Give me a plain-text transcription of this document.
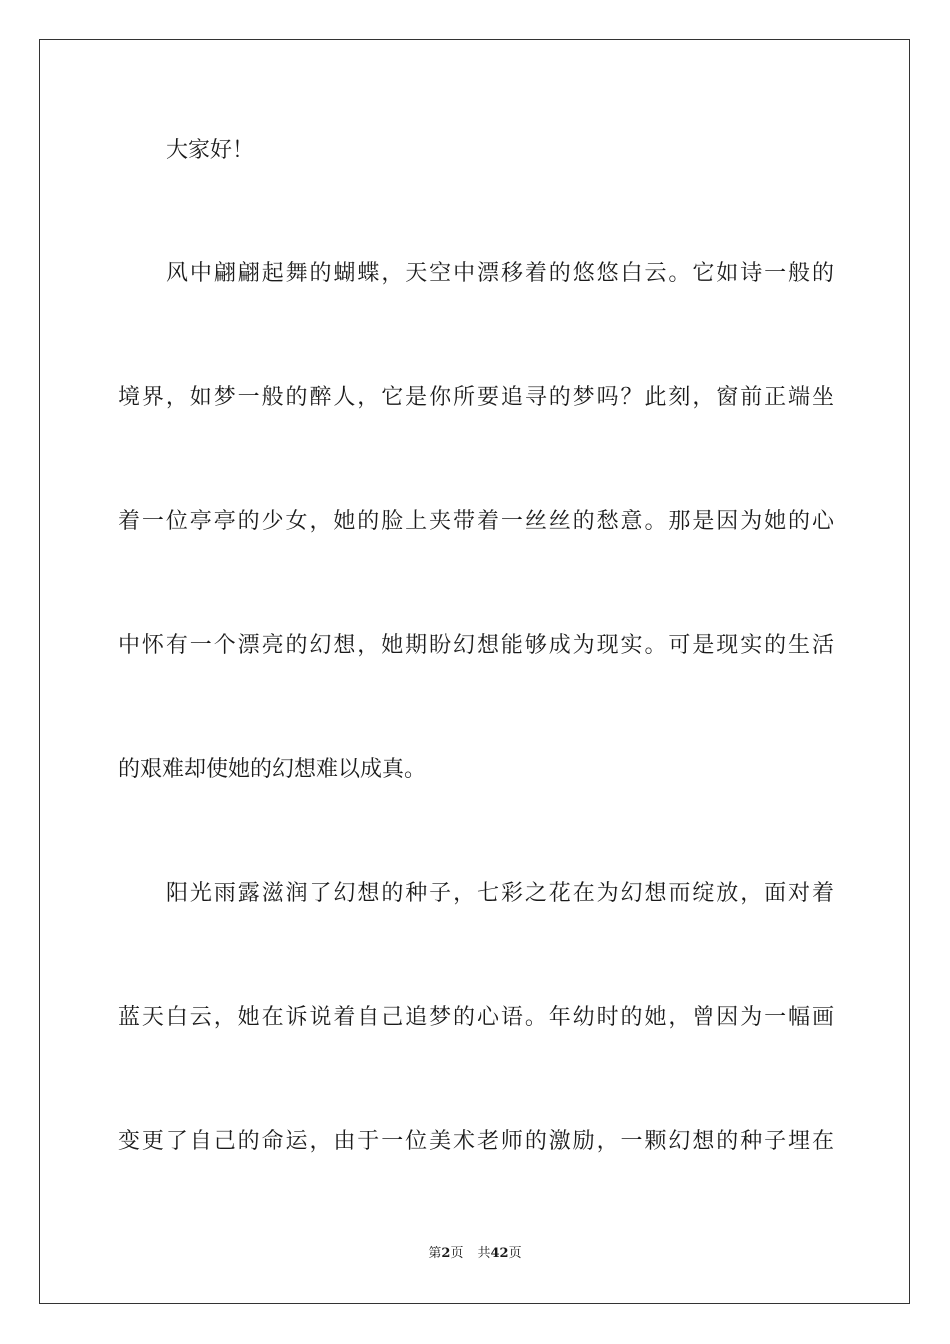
大家好！
风中翩翩起舞的蝴蝶，天空中漂移着的悠悠白云。它如诗一般的
境界，如梦一般的醉人，它是你所要追寻的梦吗？此刻，窗前正端坐
着一位亭亭的少女，她的脸上夹带着一丝丝的愁意。那是因为她的心
中怀有一个漂亮的幻想，她期盼幻想能够成为现实。可是现实的生活
的艰难却使她的幻想难以成真。
阳光雨露滋润了幻想的种子，七彩之花在为幻想而绽放，面对着
蓝天白云，她在诉说着自己追梦的心语。年幼时的她，曾因为一幅画
变更了自己的命运，由于一位美术老师的激励，一颗幻想的种子埋在
第2页 共42页
